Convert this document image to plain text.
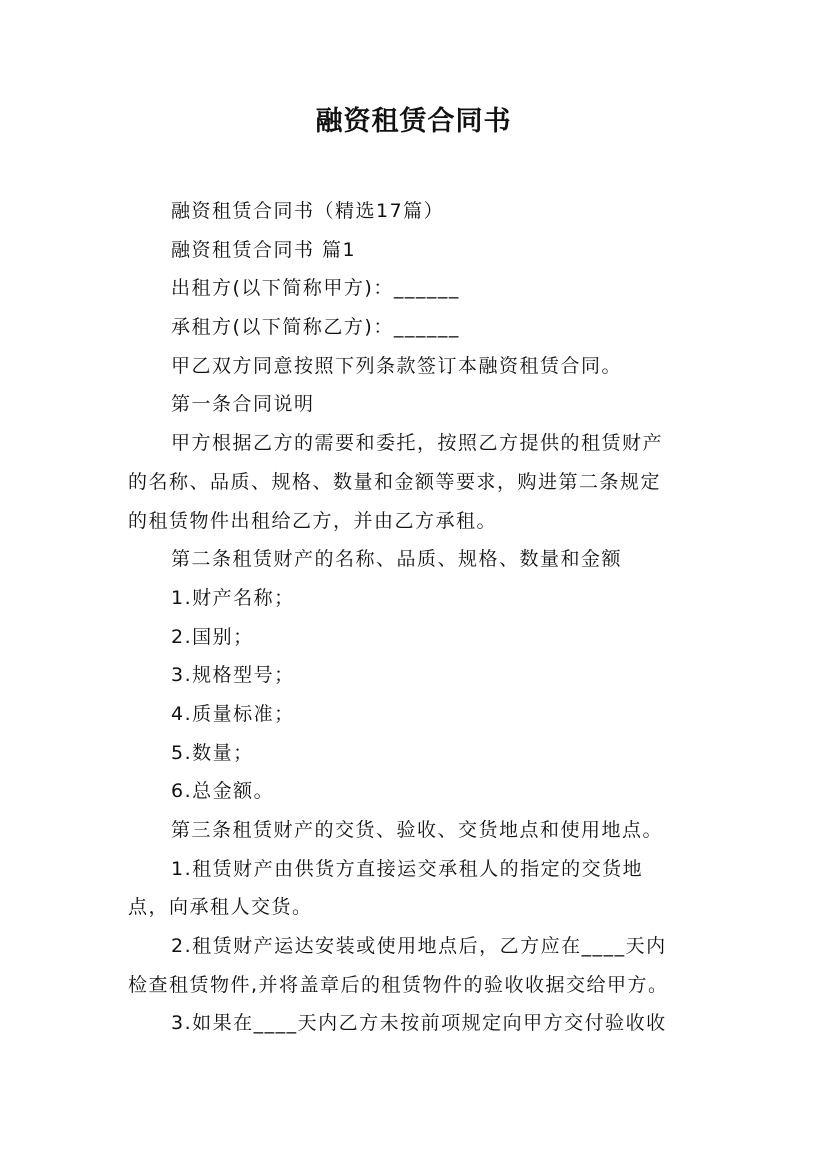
融资租赁合同书
融资租赁合同书（精选17篇）
融资租赁合同书 篇1
出租方(以下简称甲方)：______
承租方(以下简称乙方)：______
甲乙双方同意按照下列条款签订本融资租赁合同。
第一条合同说明
甲方根据乙方的需要和委托，按照乙方提供的租赁财产
的名称、品质、规格、数量和金额等要求，购进第二条规定
的租赁物件出租给乙方，并由乙方承租。
第二条租赁财产的名称、品质、规格、数量和金额
1.财产名称；
2.国别；
3.规格型号；
4.质量标准；
5.数量；
6.总金额。
第三条租赁财产的交货、验收、交货地点和使用地点。
1.租赁财产由供货方直接运交承租人的指定的交货地
点，向承租人交货。
2.租赁财产运达安装或使用地点后，乙方应在____天内
检查租赁物件,并将盖章后的租赁物件的验收收据交给甲方。
3.如果在____天内乙方未按前项规定向甲方交付验收收
